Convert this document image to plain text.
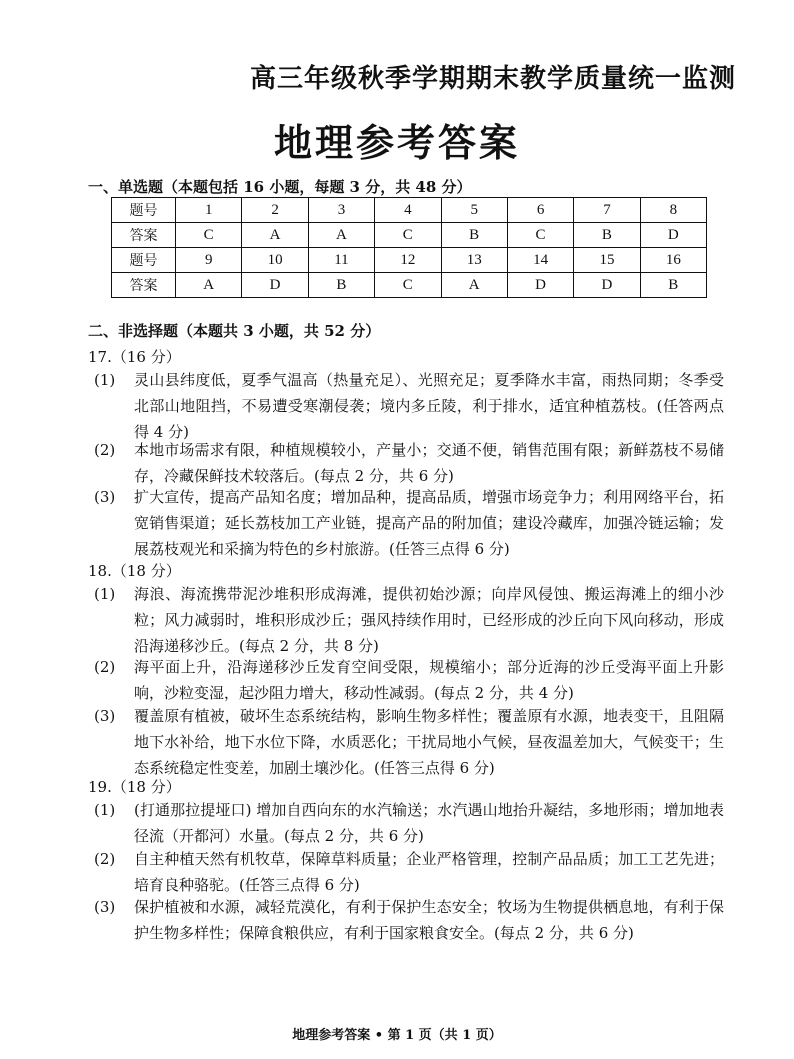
高三年级秋季学期期末教学质量统一监测
地理参考答案
一、单选题（本题包括 16 小题，每题 3 分，共 48 分）
题号	1	2	3	4	5	6	7	8
答案	C	A	A	C	B	C	B	D
题号	9	10	11	12	13	14	15	16
答案	A	D	B	C	A	D	D	B
二、非选择题（本题共 3 小题，共 52 分）
17.（16 分）
(1) 灵山县纬度低，夏季气温高（热量充足）、光照充足；夏季降水丰富，雨热同期；冬季受北部山地阻挡，不易遭受寒潮侵袭；境内多丘陵，利于排水，适宜种植荔枝。(任答两点得 4 分)
(2) 本地市场需求有限，种植规模较小，产量小；交通不便，销售范围有限；新鲜荔枝不易储存，冷藏保鲜技术较落后。(每点 2 分，共 6 分)
(3) 扩大宣传，提高产品知名度；增加品种，提高品质，增强市场竞争力；利用网络平台，拓宽销售渠道；延长荔枝加工产业链，提高产品的附加值；建设冷藏库，加强冷链运输；发展荔枝观光和采摘为特色的乡村旅游。(任答三点得 6 分)
18.（18 分）
(1) 海浪、海流携带泥沙堆积形成海滩，提供初始沙源；向岸风侵蚀、搬运海滩上的细小沙粒；风力减弱时，堆积形成沙丘；强风持续作用时，已经形成的沙丘向下风向移动，形成沿海递移沙丘。(每点 2 分，共 8 分)
(2) 海平面上升，沿海递移沙丘发育空间受限，规模缩小；部分近海的沙丘受海平面上升影响，沙粒变湿，起沙阻力增大，移动性减弱。(每点 2 分，共 4 分)
(3) 覆盖原有植被，破坏生态系统结构，影响生物多样性；覆盖原有水源，地表变干，且阻隔地下水补给，地下水位下降，水质恶化；干扰局地小气候，昼夜温差加大，气候变干；生态系统稳定性变差，加剧土壤沙化。(任答三点得 6 分)
19.（18 分）
(1) (打通那拉提垭口) 增加自西向东的水汽输送；水汽遇山地抬升凝结，多地形雨；增加地表径流（开都河）水量。(每点 2 分，共 6 分)
(2) 自主种植天然有机牧草，保障草料质量；企业严格管理，控制产品品质；加工工艺先进；培育良种骆驼。(任答三点得 6 分)
(3) 保护植被和水源，减轻荒漠化，有利于保护生态安全；牧场为生物提供栖息地，有利于保护生物多样性；保障食粮供应，有利于国家粮食安全。(每点 2 分，共 6 分)
地理参考答案 • 第 1 页（共 1 页）
